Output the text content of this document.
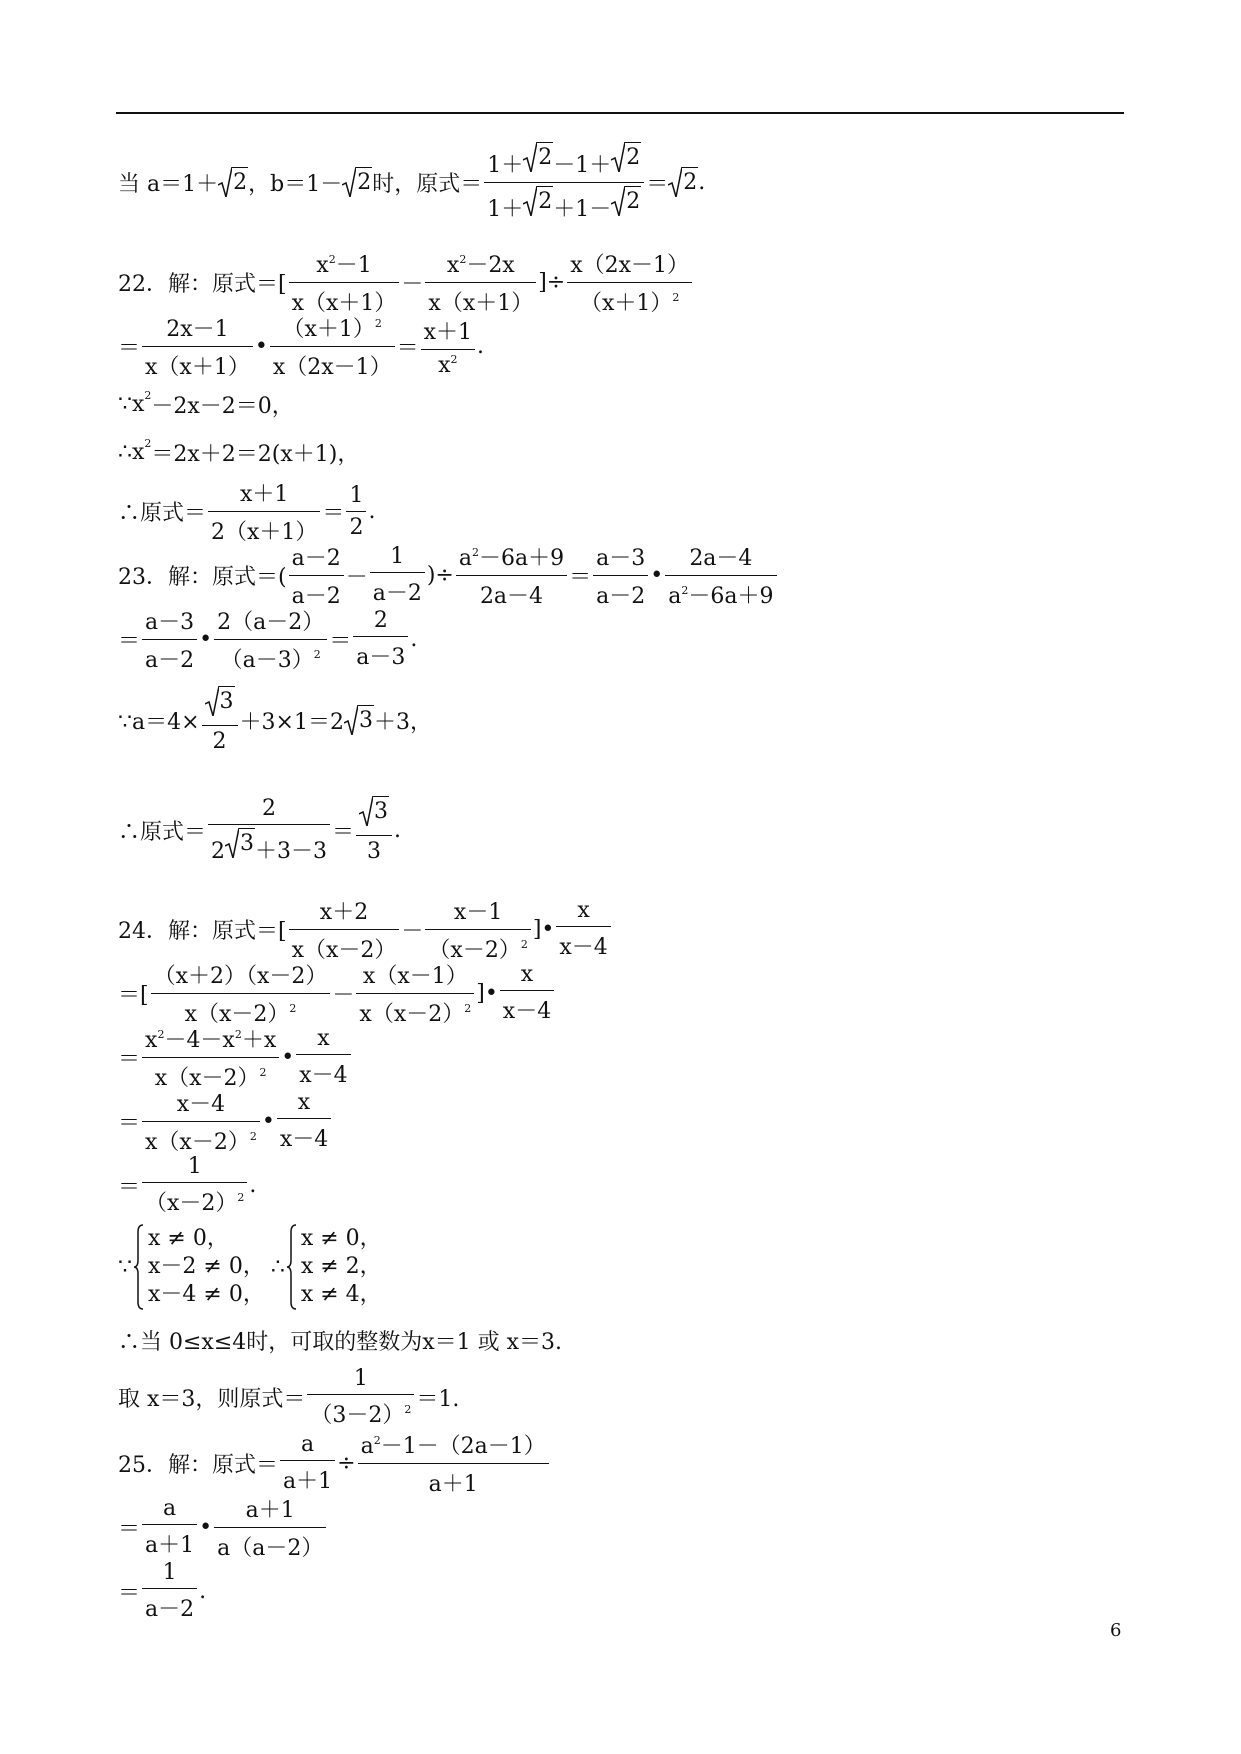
当 a＝1＋ 2 ，b＝1－ 2 时，原式＝ $\frac{1+ 2 -1+ 2}{1+ 2 +1- 2} = 2$ .
22．解：原式＝[ $\frac{x^2-1}{x(x+1)} - \frac{x^2-2x}{x(x+1)}$ ]÷ $\frac{x(2x-1)}{(x+1)^2}$
＝ $\frac{2x-1}{x(x+1)}$ • $\frac{(x+1)^2}{x(2x-1)} = \frac{x+1}{x^2}$ .
∵x 2 －2x－2＝0，
∴x 2 ＝2x＋2＝2(x＋1)，
∴原式＝ $\frac{x+1}{2(x+1)} = \frac{1}{2}$ .
23．解：原式＝( $\frac{a-2}{a-2} - \frac{1}{a-2}$ )÷ $\frac{a^2-6a+9}{2a-4} = \frac{a-3}{a-2}$ • $\frac{2a-4}{a^2-6a+9}$
＝ $\frac{a-3}{a-2}$ • $\frac{2(a-2)}{(a-3)^2} = \frac{2}{a-3}$ .
∵a＝4× $\frac{3}{2} +3\times 1=2$ 3 ＋3，
∴原式＝ $\frac{2}{2 3 +3-3} = \frac{3}{3}$ .
24．解：原式＝[ $\frac{x+2}{x(x-2)} - \frac{x-1}{(x-2)^2}$ ]• $\frac{x}{x-4}$
＝[ $\frac{(x+2)(x-2)}{x(x-2)^2} - \frac{x(x-1)}{x(x-2)^2}$ ]• $\frac{x}{x-4}$
＝ $\frac{x^2-4-x^2+x}{x(x-2)^2}$ • $\frac{x}{x-4}$
＝ $\frac{x-4}{x(x-2)^2}$ • $\frac{x}{x-4}$
＝ $\frac{1}{(x-2)^2}$ .
∵
x ≠ 0，
x－2 ≠ 0，
x－4 ≠ 0，
∴
x ≠ 0，
x ≠ 2，
x ≠ 4，
∴当 0≤x≤4时，可取的整数为x＝1 或 x＝3.
取 x＝3，则原式＝ $\frac{1}{(3-2)^2} =1$.
25．解：原式＝ $\frac{a}{a+1} \div \frac{a^2-1-(2a-1)}{a+1}$
＝ $\frac{a}{a+1}$ • $\frac{a+1}{a(a-2)}$
＝ $\frac{1}{a-2}$ .
6
